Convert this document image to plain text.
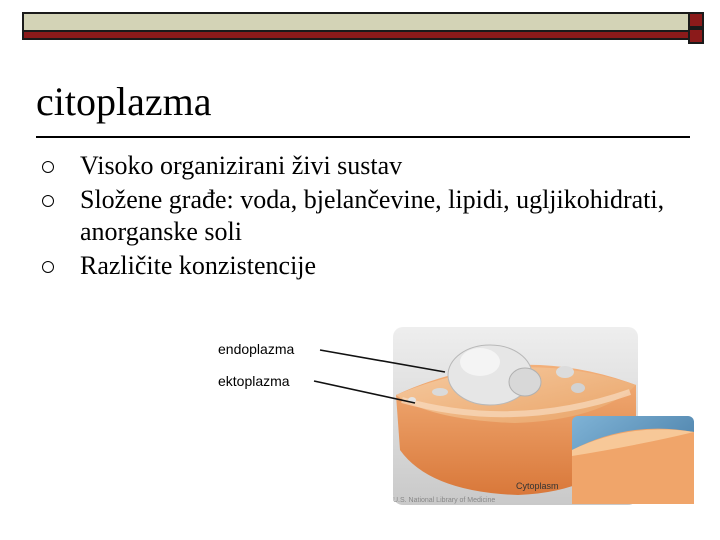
citoplazma
Visoko organizirani živi sustav
Složene građe: voda, bjelančevine, lipidi, ugljikohidrati, anorganske soli
Različite konzistencije
Cytoplasm
U.S. National Library of Medicine
endoplazma
ektoplazma
